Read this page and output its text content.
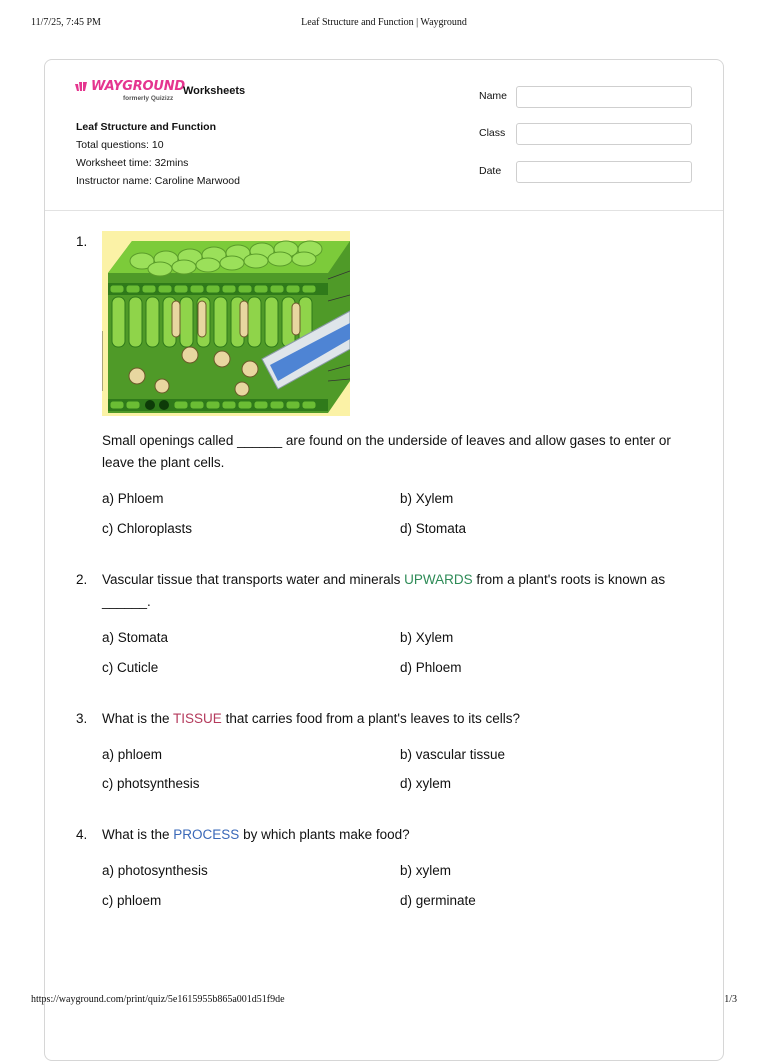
11/7/25, 7:45 PM	Leaf Structure and Function | Wayground
WAYGROUND
formerly Quizizz
Worksheets
Leaf Structure and Function
Total questions: 10
Worksheet time: 32mins
Instructor name: Caroline Marwood
Name
Class
Date
1.
Small openings called ______ are found on the underside of leaves and allow gases to enter or leave the plant cells.
a) Phloem	b) Xylem
c) Chloroplasts	d) Stomata
2. Vascular tissue that transports water and minerals UPWARDS from a plant's roots is known as ______.
a) Stomata	b) Xylem
c) Cuticle	d) Phloem
3. What is the TISSUE that carries food from a plant's leaves to its cells?
a) phloem	b) vascular tissue
c) photsynthesis	d) xylem
4. What is the PROCESS by which plants make food?
a) photosynthesis	b) xylem
c) phloem	d) germinate
https://wayground.com/print/quiz/5e1615955b865a001d51f9de	1/3
